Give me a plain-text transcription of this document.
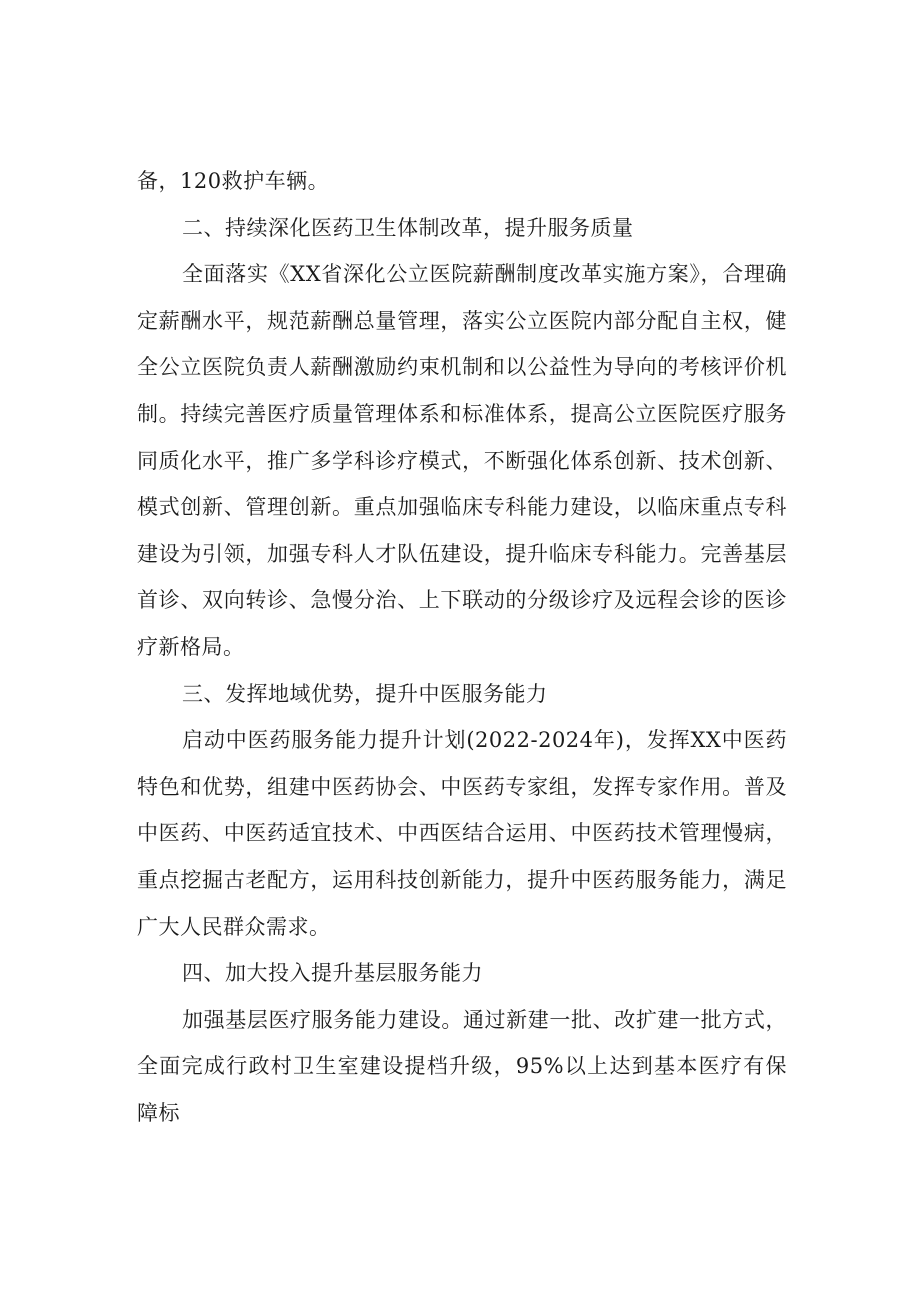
备，120救护车辆。

二、持续深化医药卫生体制改革，提升服务质量

全面落实《XX省深化公立医院薪酬制度改革实施方案》，合理确定薪酬水平，规范薪酬总量管理，落实公立医院内部分配自主权，健全公立医院负责人薪酬激励约束机制和以公益性为导向的考核评价机制。持续完善医疗质量管理体系和标准体系，提高公立医院医疗服务同质化水平，推广多学科诊疗模式，不断强化体系创新、技术创新、模式创新、管理创新。重点加强临床专科能力建设，以临床重点专科建设为引领，加强专科人才队伍建设，提升临床专科能力。完善基层首诊、双向转诊、急慢分治、上下联动的分级诊疗及远程会诊的医诊疗新格局。

三、发挥地域优势，提升中医服务能力

启动中医药服务能力提升计划(2022-2024年)，发挥XX中医药特色和优势，组建中医药协会、中医药专家组，发挥专家作用。普及中医药、中医药适宜技术、中西医结合运用、中医药技术管理慢病，重点挖掘古老配方，运用科技创新能力，提升中医药服务能力，满足广大人民群众需求。

四、加大投入提升基层服务能力

加强基层医疗服务能力建设。通过新建一批、改扩建一批方式，全面完成行政村卫生室建设提档升级，95%以上达到基本医疗有保障标
